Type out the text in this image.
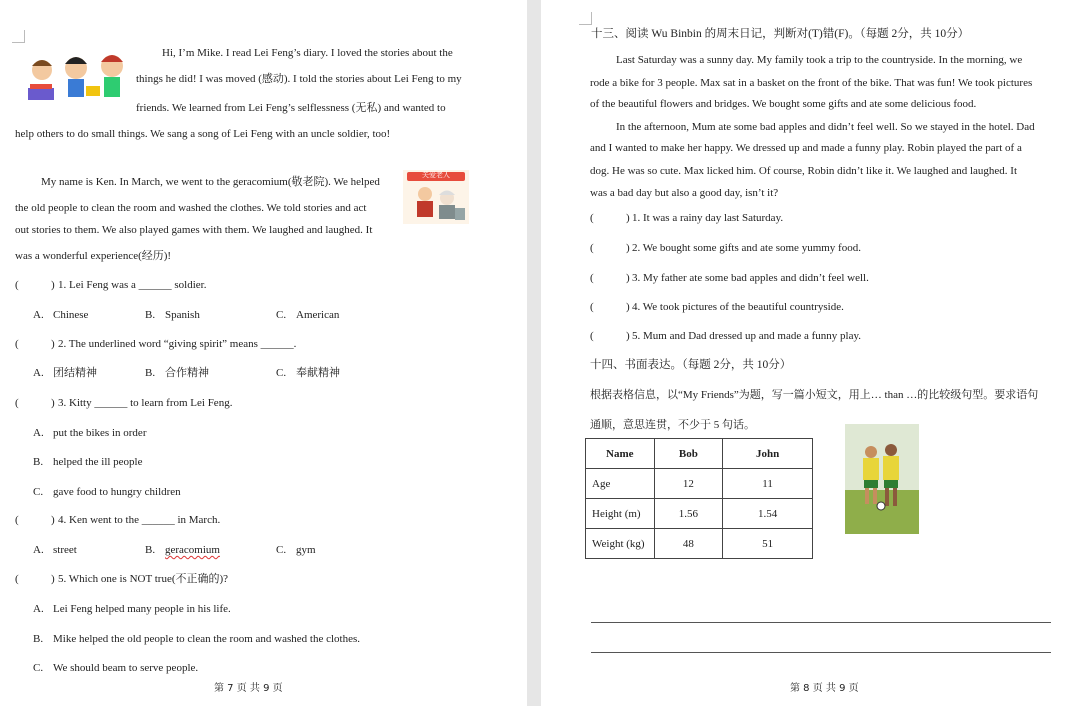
Hi, I’m Mike. I read Lei Feng’s diary. I loved the stories about the
things he did! I was moved (感动). I told the stories about Lei Feng to my
friends. We learned from Lei Feng’s selflessness (无私) and wanted to
help others to do small things. We sang a song of Lei Feng with an uncle soldier, too!
My name is Ken. In March, we went to the geracomium(敬老院). We helped
the old people to clean the room and washed the clothes. We told stories and act
out stories to them. We also played games with them. We laughed and laughed. It
was a wonderful experience(经历)!
关爱老人
(	) 1. Lei Feng was a ______ soldier.
A. Chinese	B. Spanish	C. American
(	) 2. The underlined word “giving spirit” means ______.
A. 团结精神	B. 合作精神	C. 奉献精神
(	) 3. Kitty ______ to learn from Lei Feng.
A. put the bikes in order
B. helped the ill people
C. gave food to hungry children
(	) 4. Ken went to the ______ in March.
A. street	B. geracomium	C. gym
(	) 5. Which one is NOT true(不正确的)?
A. Lei Feng helped many people in his life.
B. Mike helped the old people to clean the room and washed the clothes.
C. We should beam to serve people.
第 7 页 共 9 页
十三、阅读 Wu Binbin 的周末日记，判断对(T)错(F)。（每题 2分，共 10分）
Last Saturday was a sunny day. My family took a trip to the countryside. In the morning, we
rode a bike for 3 people. Max sat in a basket on the front of the bike. That was fun! We took pictures
of the beautiful flowers and bridges. We bought some gifts and ate some delicious food.
In the afternoon, Mum ate some bad apples and didn’t feel well. So we stayed in the hotel. Dad
and I wanted to make her happy. We dressed up and made a funny play. Robin played the part of a
dog. He was so cute. Max licked him. Of course, Robin didn’t like it. We laughed and laughed. It
was a bad day but also a good day, isn’t it?
(	) 1. It was a rainy day last Saturday.
(	) 2. We bought some gifts and ate some yummy food.
(	) 3. My father ate some bad apples and didn’t feel well.
(	) 4. We took pictures of the beautiful countryside.
(	) 5. Mum and Dad dressed up and made a funny play.
十四、书面表达。（每题 2分，共 10分）
根据表格信息，以“My Friends”为题，写一篇小短文，用上… than …的比较级句型。要求语句
通顺，意思连贯，不少于 5 句话。
Name	Bob	John
Age	12	11
Height (m)	1.56	1.54
Weight (kg)	48	51
第 8 页 共 9 页
